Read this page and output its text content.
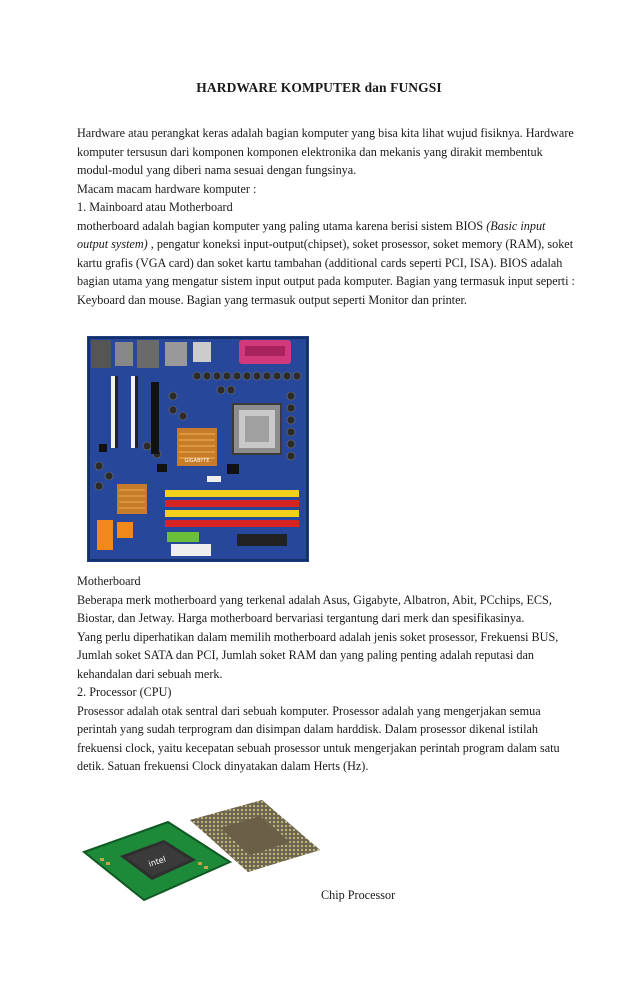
HARDWARE KOMPUTER dan FUNGSI
Hardware atau perangkat keras adalah bagian komputer yang bisa kita lihat wujud fisiknya. Hardware
komputer tersusun dari komponen komponen elektronika dan mekanis yang dirakit membentuk
modul-modul yang diberi nama sesuai dengan fungsinya.
Macam macam hardware komputer :
1. Mainboard atau Motherboard
motherboard adalah bagian komputer yang paling utama karena berisi sistem BIOS (Basic input
output system) , pengatur koneksi input-output(chipset), soket prosessor, soket memory (RAM), soket
kartu grafis (VGA card) dan soket kartu tambahan (additional cards seperti PCI, ISA). BIOS adalah
bagian utama yang mengatur sistem input output pada komputer. Bagian yang termasuk input seperti :
Keyboard dan mouse. Bagian yang termasuk output seperti Monitor dan printer.
GIGABYTE
Motherboard
Beberapa merk motherboard yang terkenal adalah Asus, Gigabyte, Albatron, Abit, PCchips, ECS,
Biostar, dan Jetway. Harga motherboard bervariasi tergantung dari merk dan spesifikasinya.
Yang perlu diperhatikan dalam memilih motherboard adalah jenis soket prosessor, Frekuensi BUS,
Jumlah soket SATA dan PCI, Jumlah soket RAM dan yang paling penting adalah reputasi dan
kehandalan dari sebuah merk.
2. Processor (CPU)
Prosessor adalah otak sentral dari sebuah komputer. Prosessor adalah yang mengerjakan semua
perintah yang sudah terprogram dan disimpan dalam harddisk. Dalam prosessor dikenal istilah
frekuensi clock, yaitu kecepatan sebuah prosessor untuk mengerjakan perintah program dalam satu
detik. Satuan frekuensi Clock dinyatakan dalam Herts (Hz).
intel
Chip Processor
